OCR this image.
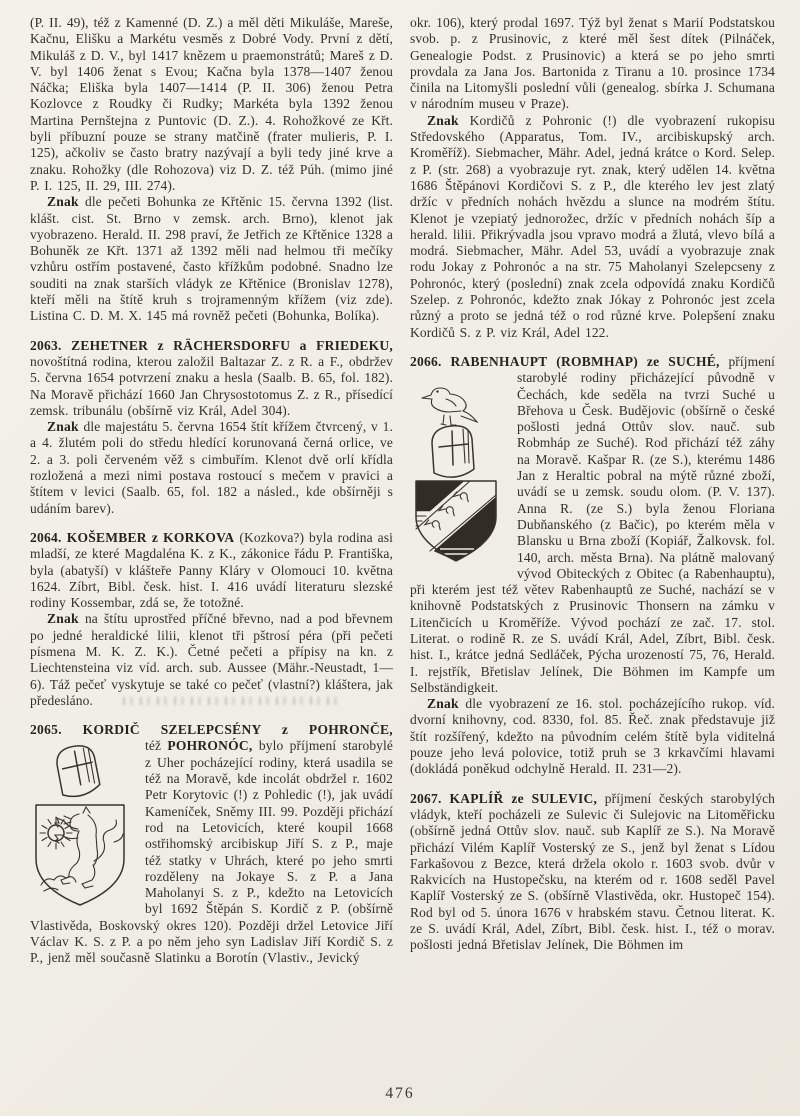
(P. II. 49), též z Kamenné (D. Z.) a měl děti Mikuláše, Mareše, Kačnu, Elišku a Markétu vesměs z Dobré Vody. První z dětí, Mikuláš z D. V., byl 1417 knězem u praemonstrátů; Mareš z D. V. byl 1406 ženat s Evou; Kačna byla 1378—1407 ženou Náčka; Eliška byla 1407—1414 (P. II. 306) ženou Petra Kozlovce z Roudky či Rudky; Markéta byla 1392 ženou Martina Pernštejna z Puntovic (D. Z.). 4. Rohožkové ze Křt. byli příbuzní pouze se strany matčině (frater mulieris, P. I. 125), ačkoliv se často bratry nazývají a byli tedy jiné krve a znaku. Rohožky (dle Rohozova) viz D. Z. též Púh. (mimo jiné P. I. 125, II. 29, III. 274).

Znak dle pečeti Bohunka ze Křtěnic 15. června 1392 (list. klášt. cist. St. Brno v zemsk. arch. Brno), klenot jak vyobrazeno. Herald. II. 298 praví, že Jetřich ze Křtěnice 1328 a Bohuněk ze Křt. 1371 až 1392 měli nad helmou tři mečíky vzhůru ostřím postavené, často křížkům podobné. Snadno lze souditi na znak starších vládyk ze Křtěnice (Bronislav 1278), kteří měli na štítě kruh s trojramenným křížem (viz zde). Listina C. D. M. X. 145 má rovněž pečeti (Bohunka, Bolíka).

2063. ZEHETNER z RÄCHERSDORFU a FRIEDEKU, novoštítná rodina, kterou založil Baltazar Z. z R. a F., obdržev 5. června 1654 potvrzení znaku a hesla (Saalb. B. 65, fol. 182). Na Moravě přichází 1660 Jan Chrysostotomus Z. z R., přísedící zemsk. tribunálu (obšírně viz Král, Adel 304).

Znak dle majestátu 5. června 1654 štít křížem čtvrcený, v 1. a 4. žlutém poli do středu hledící korunovaná černá orlice, ve 2. a 3. poli červeném věž s cimbuřím. Klenot dvě orlí křídla rozložená a mezi nimi postava rostoucí s mečem v pravici a štítem v levici (Saalb. 65, fol. 182 a násled., kde obšírněji s udáním barev).

2064. KOŠEMBER z KORKOVA (Kozkova?) byla rodina asi mladší, ze které Magdaléna K. z K., zákonice řádu P. Františka, byla (abatyší) v klášteře Panny Kláry v Olomouci 10. května 1624. Zíbrt, Bibl. česk. hist. I. 416 uvádí literaturu slezské rodiny Kossembar, zdá se, že totožné.

Znak na štítu uprostřed příčné břevno, nad a pod břevnem po jedné heraldické lilii, klenot tři pštrosí péra (při pečeti písmena M. K. Z. K.). Četné pečeti a přípisy na kn. z Liechtensteina viz víd. arch. sub. Aussee (Mähr.-Neustadt, 1—6). Táž pečeť vyskytuje se také co pečeť (vlastní?) kláštera, jak předesláno.

2065. KORDIČ SZELEPCSÉNY z POHRONČE,
též POHRONÓC, bylo příjmení starobylé z Uher pocházející rodiny, která usadila se též na Moravě, kde incolát obdržel r. 1602 Petr Korytovic (!) z Pohledic (!), jak uvádí Kameníček, Sněmy III. 99. Později přichází rod na Letovicích, které koupil 1668 ostřihomský arcibiskup Jiří S. z P., maje též statky v Uhrách, které po jeho smrti rozděleny na Jokaye S. z P. a Jana Maholanyi S. z P., kdežto na Letovicích byl 1692 Štěpán S. Kordič z P. (obšírně Vlastivěda, Boskovský okres 120). Později držel Letovice Jiří Václav K. S. z P. a po něm jeho syn Ladislav Jiří Kordič S. z P., jenž měl současně Slatinku a Borotín (Vlastiv., Jevický

okr. 106), který prodal 1697. Týž byl ženat s Marií Podstatskou svob. p. z Prusinovic, z které měl šest dítek (Pilnáček, Genealogie Podst. z Prusinovic) a která se po jeho smrti provdala za Jana Jos. Bartonida z Tiranu a 10. prosince 1734 činila na Litomyšli poslední vůli (genealog. sbírka J. Schumana v národním museu v Praze).

Znak Kordičů z Pohronic (!) dle vyobrazení rukopisu Středovského (Apparatus, Tom. IV., arcibiskupský arch. Kroměříž). Siebmacher, Mähr. Adel, jedná krátce o Kord. Selep. z P. (str. 268) a vyobrazuje ryt. znak, který udělen 14. května 1686 Štěpánovi Kordičovi S. z P., dle kterého lev jest zlatý držíc v předních nohách hvězdu a slunce na modrém štítu. Klenot je vzepiatý jednorožec, držíc v předních nohách šíp a herald. lilii. Přikrývadla jsou vpravo modrá a žlutá, vlevo bílá a modrá. Siebmacher, Mähr. Adel 53, uvádí a vyobrazuje znak rodu Jokay z Pohronóc a na str. 75 Maholanyi Szelepcseny z Pohronóc, který (poslední) znak zcela odpovídá znaku Kordičů Szelep. z Pohronóc, kdežto znak Jókay z Pohronóc jest zcela různý a proto se jedná též o rod různé krve. Polepšení znaku Kordičů S. z P. viz Král, Adel 122.

2066. RABENHAUPT (ROBMHAP) ze SUCHÉ, příjmení starobylé rodiny přicházející původně v Čechách, kde seděla na tvrzi Suché u Břehova u Česk. Budějovic (obšírně o české pošlosti jedná Ottův slov. nauč. sub Robmháp ze Suché). Rod přichází též záhy na Moravě. Kašpar R. (ze S.), kterému 1486 Jan z Heraltic pobral na mýtě různé zboží, uvádí se u zemsk. soudu olom. (P. V. 137). Anna R. (ze S.) byla ženou Floriana Dubňanského (z Bačic), po kterém měla v Blansku u Brna zboží (Kopiář, Žalkovsk. fol. 140, arch. města Brna). Na plátně malovaný vývod Obiteckých z Obitec (a Rabenhauptu), při kterém jest též větev Rabenhauptů ze Suché, nachází se v knihovně Podstatských z Prusinovic Thonsern na zámku v Litenčicích u Kroměříže. Vývod pochází ze zač. 17. stol. Literat. o rodině R. ze S. uvádí Král, Adel, Zíbrt, Bibl. česk. hist. I., krátce jedná Sedláček, Pýcha urozeností 75, 76, Herald. I. rejstřík, Břetislav Jelínek, Die Böhmen im Kampfe um Selbständigkeit.

Znak dle vyobrazení ze 16. stol. pocházejícího rukop. víd. dvorní knihovny, cod. 8330, fol. 85. Řeč. znak představuje již štít rozšířený, kdežto na původním celém štítě byla viditelná pouze jeho levá polovice, totiž pruh se 3 krkavčími hlavami (dokládá poněkud odchylně Herald. II. 231—2).

2067. KAPLÍŘ ze SULEVIC, příjmení českých starobylých vládyk, kteří pocházeli ze Sulevic či Sulejovic na Litoměřicku (obšírně jedná Ottův slov. nauč. sub Kaplíř ze S.). Na Moravě přichází Vilém Kaplíř Vosterský ze S., jenž byl ženat s Lídou Farkašovou z Bezce, která držela okolo r. 1603 svob. dvůr v Rakvicích na Hustopečsku, na kterém od r. 1608 seděl Pavel Kaplíř Vosterský ze S. (obšírně Vlastivěda, okr. Hustopeč 154). Rod byl od 5. února 1676 v hrabském stavu. Četnou literat. K. ze S. uvádí Král, Adel, Zíbrt, Bibl. česk. hist. I., též o morav. pošlosti jedná Břetislav Jelínek, Die Böhmen im

476
